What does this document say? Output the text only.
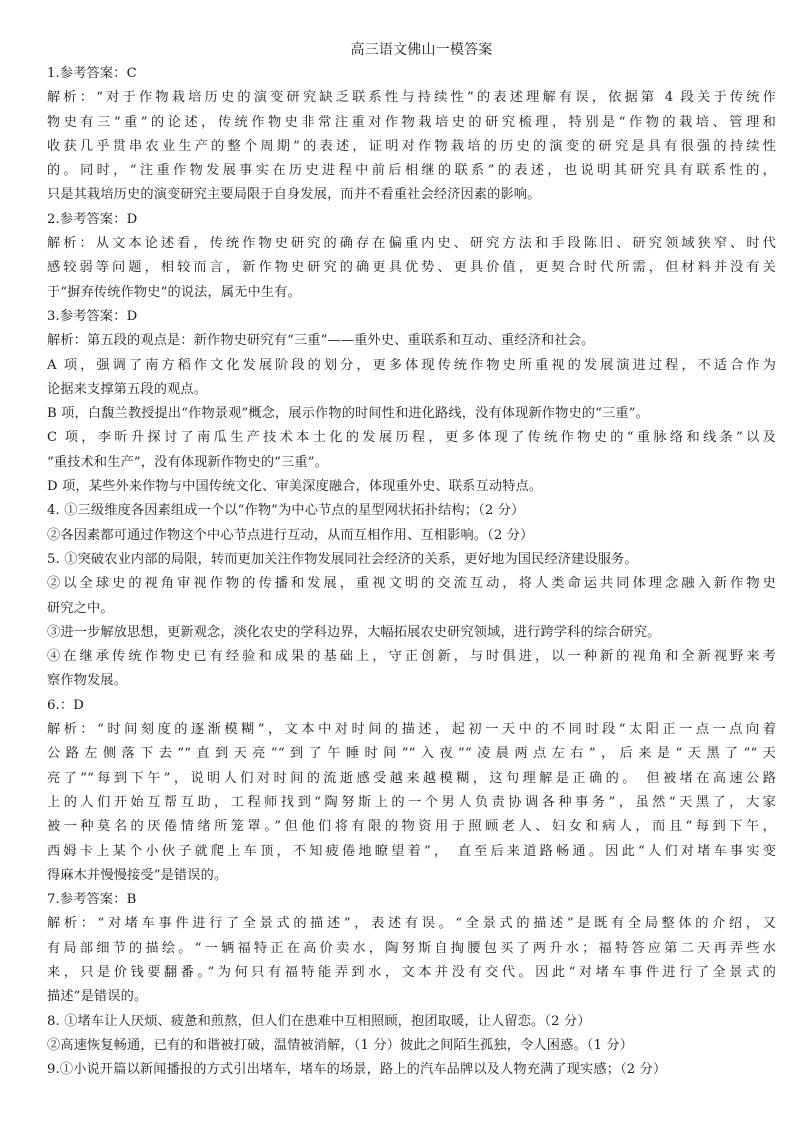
高三语文佛山一模答案
1.参考答案：C
解析：“对于作物栽培历史的演变研究缺乏联系性与持续性”的表述理解有误，依据第 4 段关于传统作
物史有三“重”的论述，传统作物史非常注重对作物栽培史的研究梳理，特别是“作物的栽培、管理和
收获几乎贯串农业生产的整个周期”的表述，证明对作物栽培的历史的演变的研究是具有很强的持续性
的。同时，“注重作物发展事实在历史进程中前后相继的联系”的表述，也说明其研究具有联系性的，
只是其栽培历史的演变研究主要局限于自身发展，而并不看重社会经济因素的影响。
2.参考答案：D
解析：从文本论述看，传统作物史研究的确存在偏重内史、研究方法和手段陈旧、研究领域狭窄、时代
感较弱等问题，相较而言，新作物史研究的确更具优势、更具价值，更契合时代所需，但材料并没有关
于“摒弃传统作物史”的说法，属无中生有。
3.参考答案：D
解析：第五段的观点是：新作物史研究有“三重”——重外史、重联系和互动、重经济和社会。
A 项，强调了南方稻作文化发展阶段的划分，更多体现传统作物史所重视的发展演进过程，不适合作为
论据来支撑第五段的观点。
B 项，白馥兰教授提出“作物景观”概念，展示作物的时间性和进化路线，没有体现新作物史的“三重”。
C 项，李昕升探讨了南瓜生产技术本土化的发展历程，更多体现了传统作物史的“重脉络和线条”以及
“重技术和生产”，没有体现新作物史的“三重”。
D 项，某些外来作物与中国传统文化、审美深度融合，体现重外史、联系互动特点。
4. ①三级维度各因素组成一个以“作物”为中心节点的星型网状拓扑结构；（2 分）
②各因素都可通过作物这个中心节点进行互动，从而互相作用、互相影响。（2 分）
5. ①突破农业内部的局限，转而更加关注作物发展同社会经济的关系，更好地为国民经济建设服务。
②以全球史的视角审视作物的传播和发展，重视文明的交流互动，将人类命运共同体理念融入新作物史
研究之中。
③进一步解放思想，更新观念，淡化农史的学科边界，大幅拓展农史研究领域，进行跨学科的综合研究。
④在继承传统作物史已有经验和成果的基础上，守正创新，与时俱进，以一种新的视角和全新视野来考
察作物发展。
6.：D
解析：“时间刻度的逐渐模糊”，文本中对时间的描述，起初一天中的不同时段“太阳正一点一点向着
公路左侧落下去”“直到天亮”“到了午睡时间”“入夜”“凌晨两点左右”，后来是“天黑了”“天
亮了”“每到下午”，说明人们对时间的流逝感受越来越模糊，这句理解是正确的。 但被堵在高速公路
上的人们开始互帮互助，工程师找到“陶努斯上的一个男人负责协调各种事务”，虽然“天黑了，大家
被一种莫名的厌倦情绪所笼罩。”但他们将有限的物资用于照顾老人、妇女和病人，而且“每到下午，
西姆卡上某个小伙子就爬上车顶，不知疲倦地瞭望着”， 直至后来道路畅通。因此“人们对堵车事实变
得麻木并慢慢接受”是错误的。
7.参考答案：B
解析：“对堵车事件进行了全景式的描述”，表述有误。“全景式的描述”是既有全局整体的介绍，又
有局部细节的描绘。“一辆福特正在高价卖水，陶努斯自掏腰包买了两升水；福特答应第二天再弄些水
来，只是价钱要翻番。”为何只有福特能弄到水，文本并没有交代。因此“对堵车事件进行了全景式的
描述”是错误的。
8. ①堵车让人厌烦、疲惫和煎熬，但人们在患难中互相照顾，抱团取暖，让人留恋。（2 分）
②高速恢复畅通，已有的和谐被打破，温情被消解，（1 分）彼此之间陌生孤独，令人困惑。（1 分）
9.①小说开篇以新闻播报的方式引出堵车，堵车的场景，路上的汽车品牌以及人物充满了现实感；（2 分）
